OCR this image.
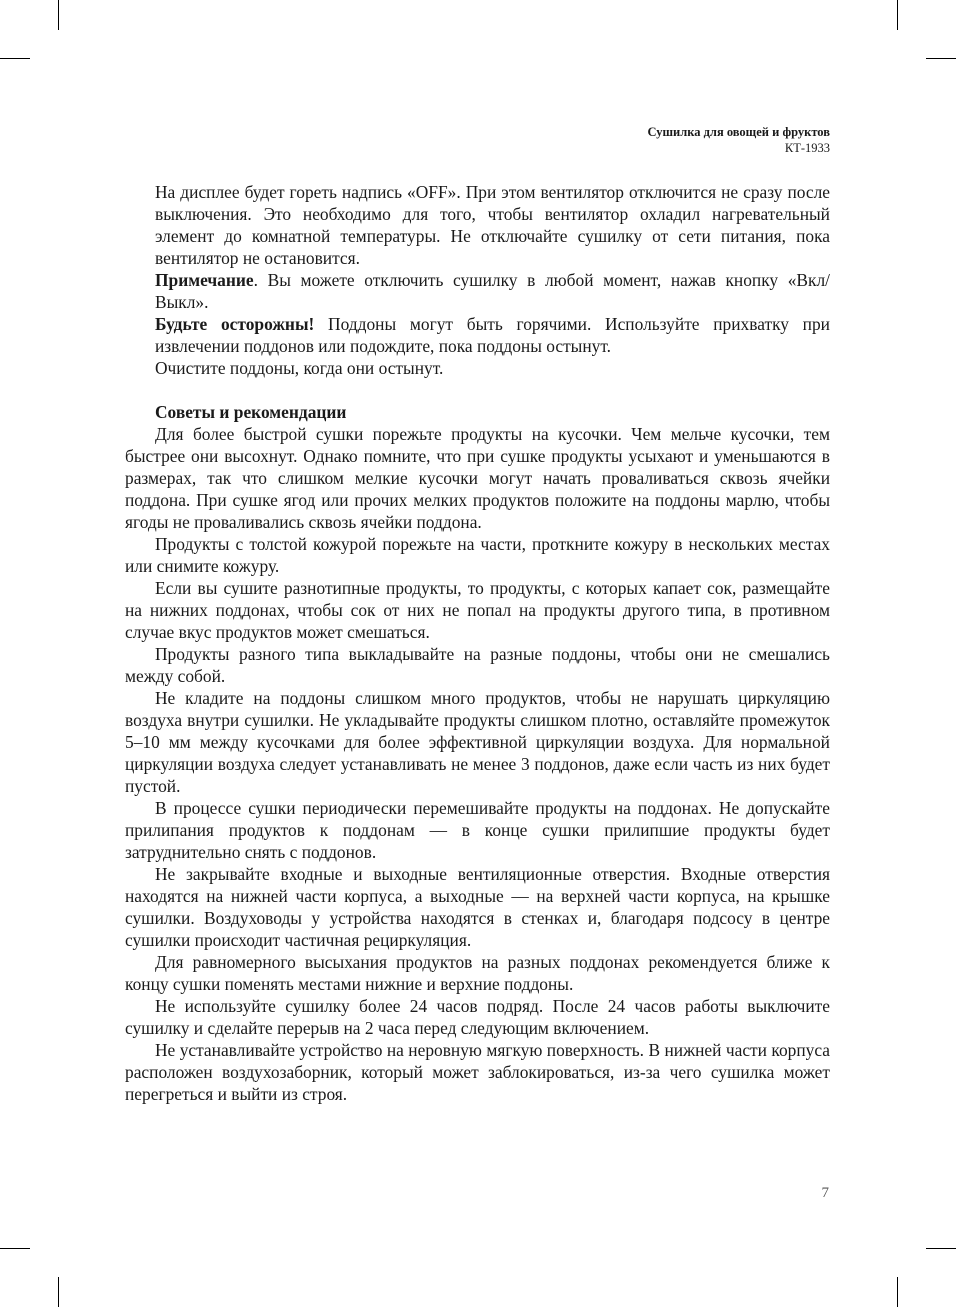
Сушилка для овощей и фруктов
КТ-1933

На дисплее будет гореть надпись «OFF». При этом вентилятор отключится не сразу после выключения. Это необходимо для того, чтобы вентилятор охладил нагревательный элемент до комнатной температуры. Не отключайте сушилку от сети питания, пока вентилятор не остановится.

Примечание. Вы можете отключить сушилку в любой момент, нажав кнопку «Вкл/Выкл».

Будьте осторожны! Поддоны могут быть горячими. Используйте прихватку при извлечении поддонов или подождите, пока поддоны остынут.

Очистите поддоны, когда они остынут.

Советы и рекомендации

Для более быстрой сушки порежьте продукты на кусочки. Чем мельче кусочки, тем быстрее они высохнут. Однако помните, что при сушке продукты усыхают и уменьшаются в размерах, так что слишком мелкие кусочки могут начать проваливаться сквозь ячейки поддона. При сушке ягод или прочих мелких продуктов положите на поддоны марлю, чтобы ягоды не проваливались сквозь ячейки поддона.

Продукты с толстой кожурой порежьте на части, проткните кожуру в нескольких местах или снимите кожуру.

Если вы сушите разнотипные продукты, то продукты, с которых капает сок, размещайте на нижних поддонах, чтобы сок от них не попал на продукты другого типа, в противном случае вкус продуктов может смешаться.

Продукты разного типа выкладывайте на разные поддоны, чтобы они не смешались между собой.

Не кладите на поддоны слишком много продуктов, чтобы не нарушать циркуляцию воздуха внутри сушилки. Не укладывайте продукты слишком плотно, оставляйте промежуток 5–10 мм между кусочками для более эффективной циркуляции воздуха. Для нормальной циркуляции воздуха следует устанавливать не менее 3 поддонов, даже если часть из них будет пустой.

В процессе сушки периодически перемешивайте продукты на поддонах. Не допускайте прилипания продуктов к поддонам — в конце сушки прилипшие продукты будет затруднительно снять с поддонов.

Не закрывайте входные и выходные вентиляционные отверстия. Входные отверстия находятся на нижней части корпуса, а выходные — на верхней части корпуса, на крышке сушилки. Воздуховоды у устройства находятся в стенках и, благодаря подсосу в центре сушилки происходит частичная рециркуляция.

Для равномерного высыхания продуктов на разных поддонах рекомендуется ближе к концу сушки поменять местами нижние и верхние поддоны.

Не используйте сушилку более 24 часов подряд. После 24 часов работы выключите сушилку и сделайте перерыв на 2 часа перед следующим включением.

Не устанавливайте устройство на неровную мягкую поверхность. В нижней части корпуса расположен воздухозаборник, который может заблокироваться, из-за чего сушилка может перегреться и выйти из строя.

7
